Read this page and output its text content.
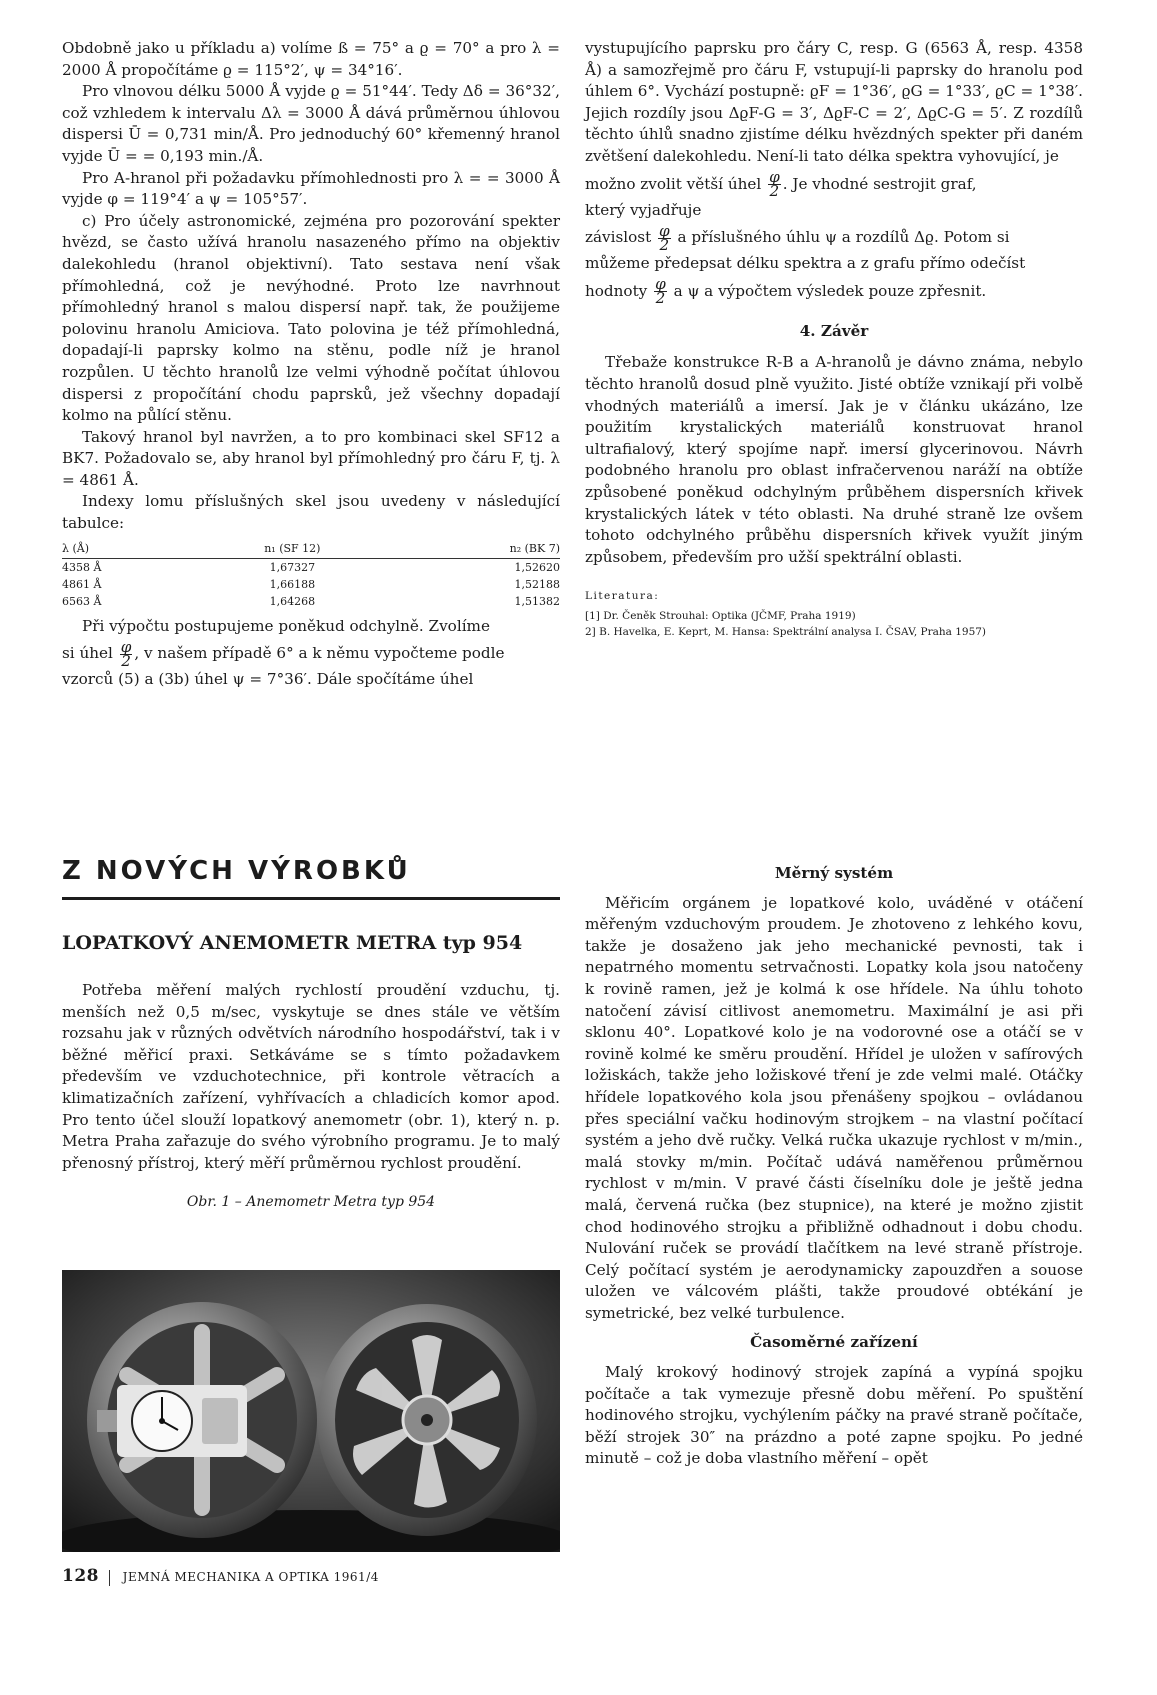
Obdobně jako u příkladu a) volíme ß = 75° a ϱ = 70° a pro λ = 2000 Å propočítáme ϱ = 115°2′, ψ = 34°16′.

Pro vlnovou délku 5000 Å vyjde ϱ = 51°44′. Tedy Δδ = 36°32′, což vzhledem k intervalu Δλ = 3000 Å dává průměrnou úhlovou dispersi Ū = 0,731 min/Å. Pro jednoduchý 60° křemenný hranol vyjde Ū = = 0,193 min./Å.

Pro A-hranol při požadavku přímohlednosti pro λ = = 3000 Å vyjde φ = 119°4′ a ψ = 105°57′.

c) Pro účely astronomické, zejména pro pozorování spekter hvězd, se často užívá hranolu nasazeného přímo na objektiv dalekohledu (hranol objektivní). Tato sestava není však přímohledná, což je nevýhodné. Proto lze navrhnout přímohledný hranol s malou dispersí např. tak, že použijeme polovinu hranolu Amiciova. Tato polovina je též přímohledná, dopadají-li paprsky kolmo na stěnu, podle níž je hranol rozpůlen. U těchto hranolů lze velmi výhodně počítat úhlovou dispersi z propočítání chodu paprsků, jež všechny dopadají kolmo na půlící stěnu.

Takový hranol byl navržen, a to pro kombinaci skel SF12 a BK7. Požadovalo se, aby hranol byl přímohledný pro čáru F, tj. λ = 4861 Å.

Indexy lomu příslušných skel jsou uvedeny v následující tabulce:

λ (Å)	n₁ (SF 12)	n₂ (BK 7)
4358 Å	1,67327	1,52620
4861 Å	1,66188	1,52188
6563 Å	1,64268	1,51382

Při výpočtu postupujeme poněkud odchylně. Zvolíme

si úhel $\frac{\varphi}{2}$ , v našem případě 6° a k němu vypočteme podle

vzorců (5) a (3b) úhel ψ = 7°36′. Dále spočítáme úhel

vystupujícího paprsku pro čáry C, resp. G (6563 Å, resp. 4358 Å) a samozřejmě pro čáru F, vstupují-li paprsky do hranolu pod úhlem 6°. Vychází postupně: ϱF = 1°36′, ϱG = 1°33′, ϱC = 1°38′. Jejich rozdíly jsou ΔϱF-G = 3′, ΔϱF-C = 2′, ΔϱC-G = 5′. Z rozdílů těchto úhlů snadno zjistíme délku hvězdných spekter při daném zvětšení dalekohledu. Není-li tato délka spektra vyhovující, je

možno zvolit větší úhel $\frac{\varphi}{2}$ . Je vhodné sestrojit graf,

který vyjadřuje

závislost $\frac{\varphi}{2}$ a příslušného úhlu ψ a rozdílů Δϱ. Potom si

můžeme předepsat délku spektra a z grafu přímo odečíst

hodnoty $\frac{\varphi}{2}$ a ψ a výpočtem výsledek pouze zpřesnit.

4. Závěr

Třebaže konstrukce R-B a A-hranolů je dávno známa, nebylo těchto hranolů dosud plně využito. Jisté obtíže vznikají při volbě vhodných materiálů a imersí. Jak je v článku ukázáno, lze použitím krystalických materiálů konstruovat hranol ultrafialový, který spojíme např. imersí glycerinovou. Návrh podobného hranolu pro oblast infračervenou naráží na obtíže způsobené poněkud odchylným průběhem dispersních křivek krystalických látek v této oblasti. Na druhé straně lze ovšem tohoto odchylného průběhu dispersních křivek využít jiným způsobem, především pro užší spektrální oblasti.

Literatura:

[1] Dr. Čeněk Strouhal: Optika (JČMF, Praha 1919)

2] B. Havelka, E. Keprt, M. Hansa: Spektrální analysa I. ČSAV, Praha 1957)

Z NOVÝCH VÝROBKŮ
LOPATKOVÝ ANEMOMETR METRA typ 954

Potřeba měření malých rychlostí proudění vzduchu, tj. menších než 0,5 m/sec, vyskytuje se dnes stále ve větším rozsahu jak v různých odvětvích národního hospodářství, tak i v běžné měřicí praxi. Setkáváme se s tímto požadavkem především ve vzduchotechnice, při kontrole větracích a klimatizačních zařízení, vyhřívacích a chladicích komor apod. Pro tento účel slouží lopatkový anemometr (obr. 1), který n. p. Metra Praha zařazuje do svého výrobního programu. Je to malý přenosný přístroj, který měří průměrnou rychlost proudění.

Obr. 1 – Anemometr Metra typ 954

Měrný systém

Měřicím orgánem je lopatkové kolo, uváděné v otáčení měřeným vzduchovým proudem. Je zhotoveno z lehkého kovu, takže je dosaženo jak jeho mechanické pevnosti, tak i nepatrného momentu setrvačnosti. Lopatky kola jsou natočeny k rovině ramen, jež je kolmá k ose hřídele. Na úhlu tohoto natočení závisí citlivost anemometru. Maximální je asi při sklonu 40°. Lopatkové kolo je na vodorovné ose a otáčí se v rovině kolmé ke směru proudění. Hřídel je uložen v safírových ložiskách, takže jeho ložiskové tření je zde velmi malé. Otáčky hřídele lopatkového kola jsou přenášeny spojkou – ovládanou přes speciální vačku hodinovým strojkem – na vlastní počítací systém a jeho dvě ručky. Velká ručka ukazuje rychlost v m/min., malá stovky m/min. Počítač udává naměřenou průměrnou rychlost v m/min. V pravé části číselníku dole je ještě jedna malá, červená ručka (bez stupnice), na které je možno zjistit chod hodinového strojku a přibližně odhadnout i dobu chodu. Nulování ruček se provádí tlačítkem na levé straně přístroje. Celý počítací systém je aerodynamicky zapouzdřen a souose uložen ve válcovém plášti, takže proudové obtékání je symetrické, bez velké turbulence.

Časoměrné zařízení

Malý krokový hodinový strojek zapíná a vypíná spojku počítače a tak vymezuje přesně dobu měření. Po spuštění hodinového strojku, vychýlením páčky na pravé straně počítače, běží strojek 30″ na prázdno a poté zapne spojku. Po jedné minutě – což je doba vlastního měření – opět

128 JEMNÁ MECHANIKA A OPTIKA 1961/4
